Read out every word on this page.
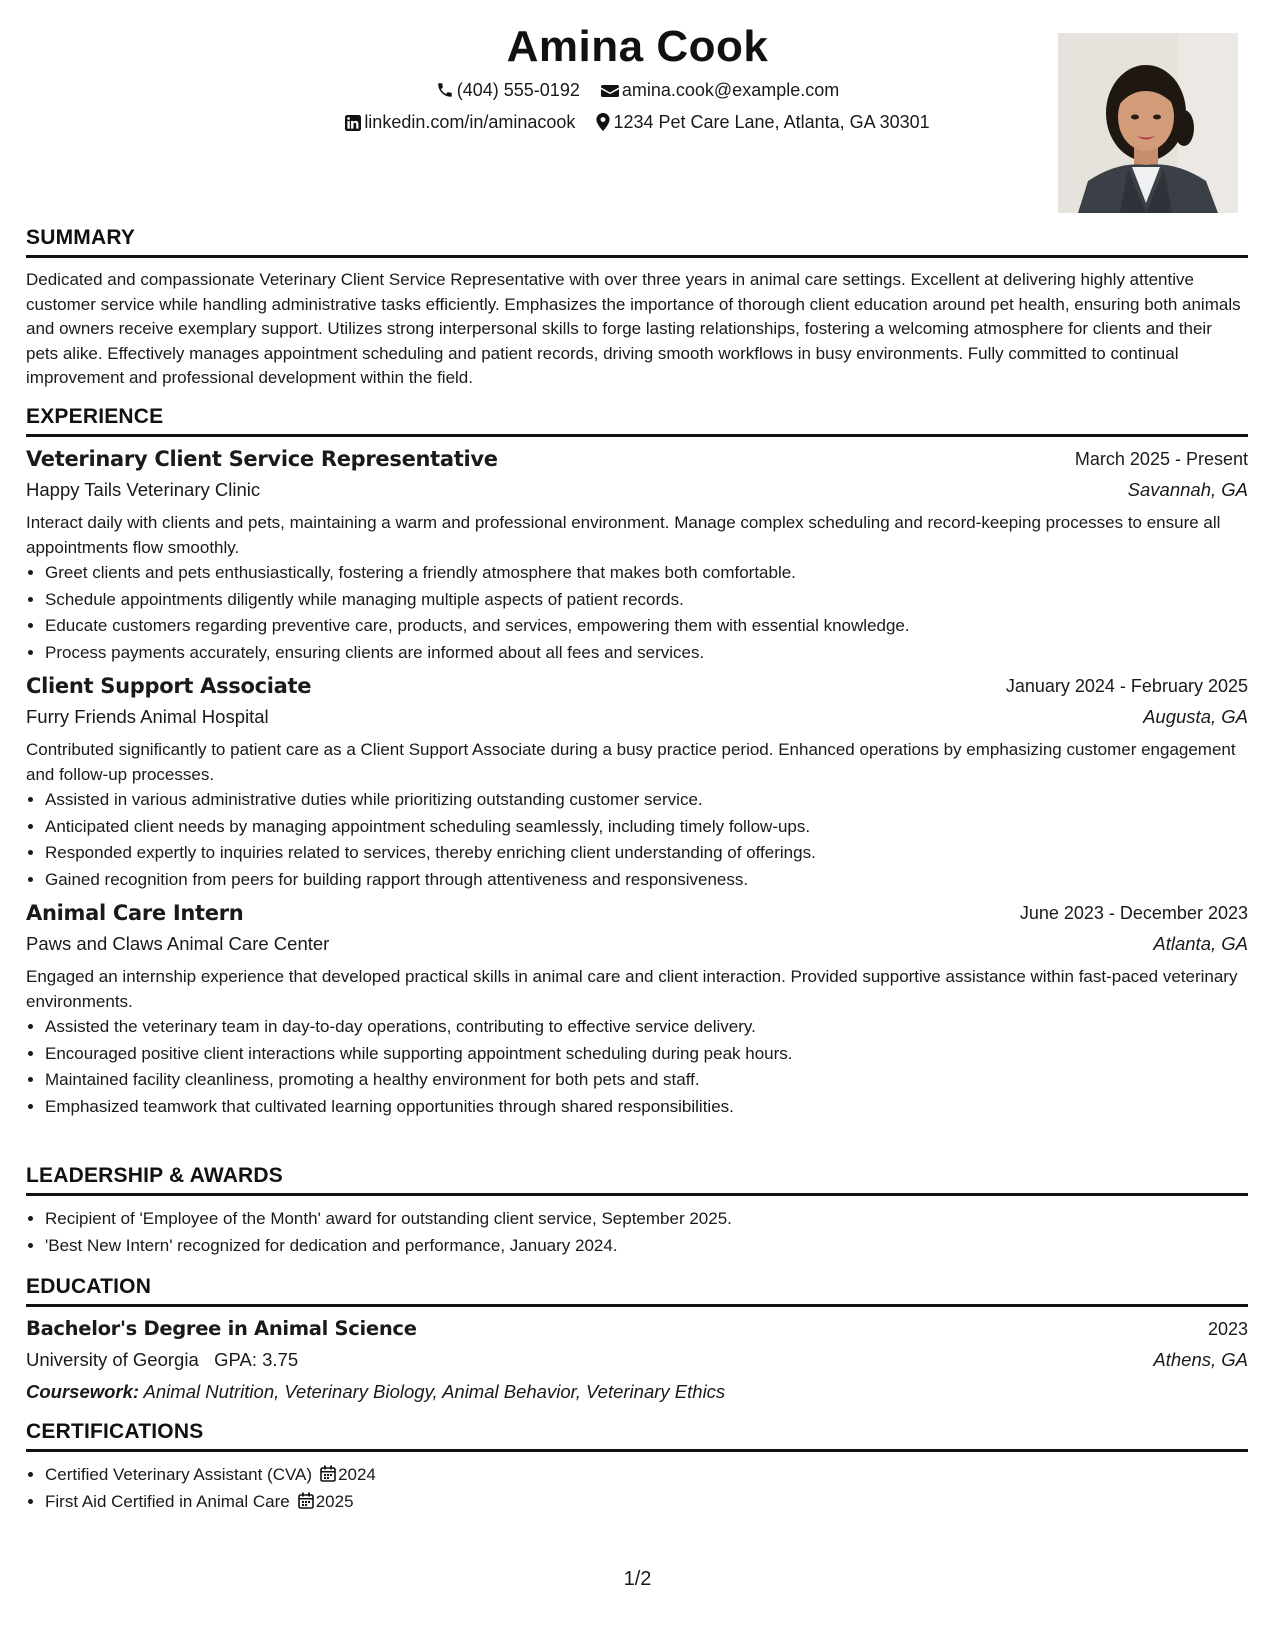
Amina Cook
(404) 555-0192 amina.cook@example.com
linkedin.com/in/aminacook 1234 Pet Care Lane, Atlanta, GA 30301
SUMMARY

Dedicated and compassionate Veterinary Client Service Representative with over three years in animal care settings. Excellent at delivering highly attentive customer service while handling administrative tasks efficiently. Emphasizes the importance of thorough client education around pet health, ensuring both animals and owners receive exemplary support. Utilizes strong interpersonal skills to forge lasting relationships, fostering a welcoming atmosphere for clients and their pets alike. Effectively manages appointment scheduling and patient records, driving smooth workflows in busy environments. Fully committed to continual improvement and professional development within the field.

EXPERIENCE
Veterinary Client Service Representative	March 2025 - Present
Happy Tails Veterinary Clinic	Savannah, GA

Interact daily with clients and pets, maintaining a warm and professional environment. Manage complex scheduling and record-keeping processes to ensure all appointments flow smoothly.

• Greet clients and pets enthusiastically, fostering a friendly atmosphere that makes both comfortable.
• Schedule appointments diligently while managing multiple aspects of patient records.
• Educate customers regarding preventive care, products, and services, empowering them with essential knowledge.
• Process payments accurately, ensuring clients are informed about all fees and services.
Client Support Associate	January 2024 - February 2025
Furry Friends Animal Hospital	Augusta, GA

Contributed significantly to patient care as a Client Support Associate during a busy practice period. Enhanced operations by emphasizing customer engagement and follow-up processes.

• Assisted in various administrative duties while prioritizing outstanding customer service.
• Anticipated client needs by managing appointment scheduling seamlessly, including timely follow-ups.
• Responded expertly to inquiries related to services, thereby enriching client understanding of offerings.
• Gained recognition from peers for building rapport through attentiveness and responsiveness.
Animal Care Intern	June 2023 - December 2023
Paws and Claws Animal Care Center	Atlanta, GA

Engaged an internship experience that developed practical skills in animal care and client interaction. Provided supportive assistance within fast-paced veterinary environments.

• Assisted the veterinary team in day-to-day operations, contributing to effective service delivery.
• Encouraged positive client interactions while supporting appointment scheduling during peak hours.
• Maintained facility cleanliness, promoting a healthy environment for both pets and staff.
• Emphasized teamwork that cultivated learning opportunities through shared responsibilities.
LEADERSHIP & AWARDS
• Recipient of 'Employee of the Month' award for outstanding client service, September 2025.
• 'Best New Intern' recognized for dedication and performance, January 2024.
EDUCATION
Bachelor's Degree in Animal Science	2023
University of Georgia GPA: 3.75	Athens, GA
Coursework: Animal Nutrition, Veterinary Biology, Animal Behavior, Veterinary Ethics
CERTIFICATIONS
• Certified Veterinary Assistant (CVA) 2024
• First Aid Certified in Animal Care 2025
1/2
